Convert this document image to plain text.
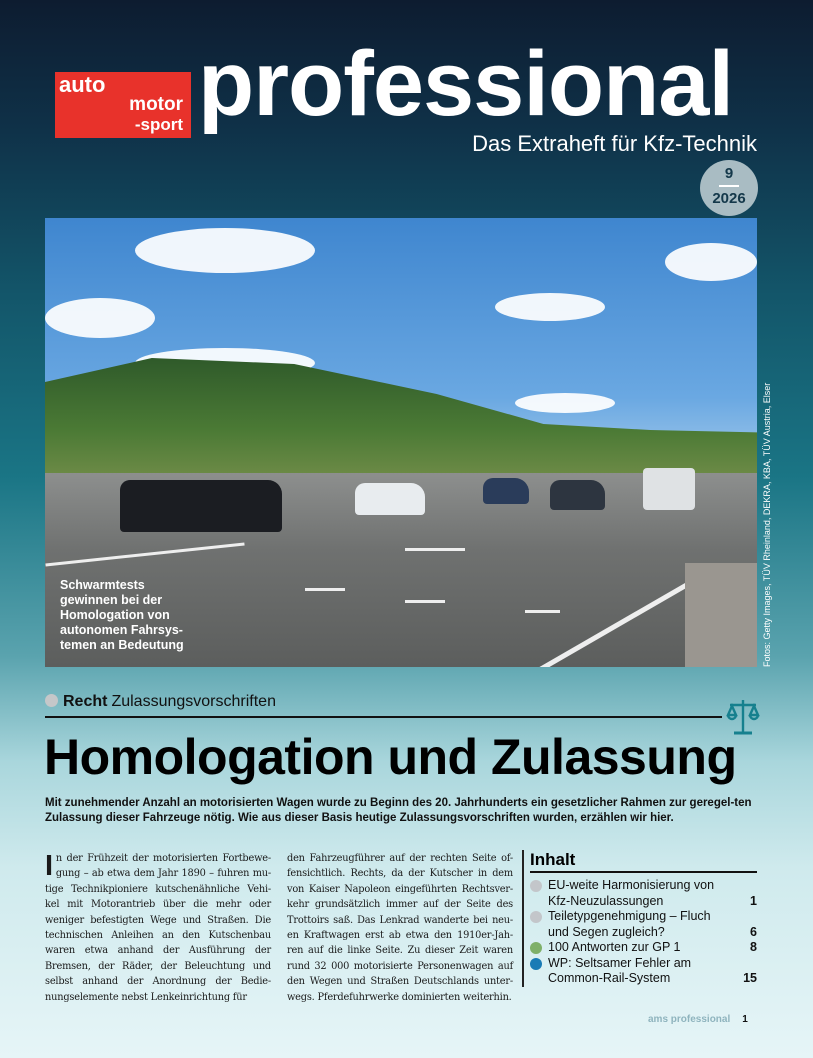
auto
motor
-sport professional
Das Extraheft für Kfz-Technik
9
2026
Schwarmtests gewinnen bei der Homologation von autonomen Fahrsys-temen an Bedeutung	Fotos: Getty Images, TÜV Rheinland, DEKRA, KBA, TÜV Austria, Elser
Recht Zulassungsvorschriften
Homologation und Zulassung
Mit zunehmender Anzahl an motorisierten Wagen wurde zu Beginn des 20. Jahrhunderts ein gesetzlicher Rahmen zur geregel-ten Zulassung dieser Fahrzeuge nötig. Wie aus dieser Basis heutige Zulassungsvorschriften wurden, erzählen wir hier.
In der Frühzeit der motorisierten Fortbewe-gung – ab etwa dem Jahr 1890 – fuhren mu-tige Technikpioniere kutschenähnliche Vehi-kel mit Motorantrieb über die mehr oder weniger befestigten Wege und Straßen. Die technischen Anleihen an den Kutschenbau waren etwa anhand der Ausführung der Bremsen, der Räder, der Beleuchtung und selbst anhand der Anordnung der Bedie-nungselemente nebst Lenkeinrichtung für
den Fahrzeugführer auf der rechten Seite of-fensichtlich. Rechts, da der Kutscher in dem von Kaiser Napoleon eingeführten Rechtsver-kehr grundsätzlich immer auf der Seite des Trottoirs saß. Das Lenkrad wanderte bei neu-en Kraftwagen erst ab etwa den 1910er-Jah-ren auf die linke Seite. Zu dieser Zeit waren rund 32 000 motorisierte Personenwagen auf den Wegen und Straßen Deutschlands unter-wegs. Pferdefuhrwerke dominierten weiterhin.
Inhalt
EU-weite Harmonisierung von Kfz-Neuzulassungen	1
Teiletypgenehmigung – Fluch und Segen zugleich?	6
100 Antworten zur GP 1	8
WP: Seltsamer Fehler am Common-Rail-System	15
ams professional 1
